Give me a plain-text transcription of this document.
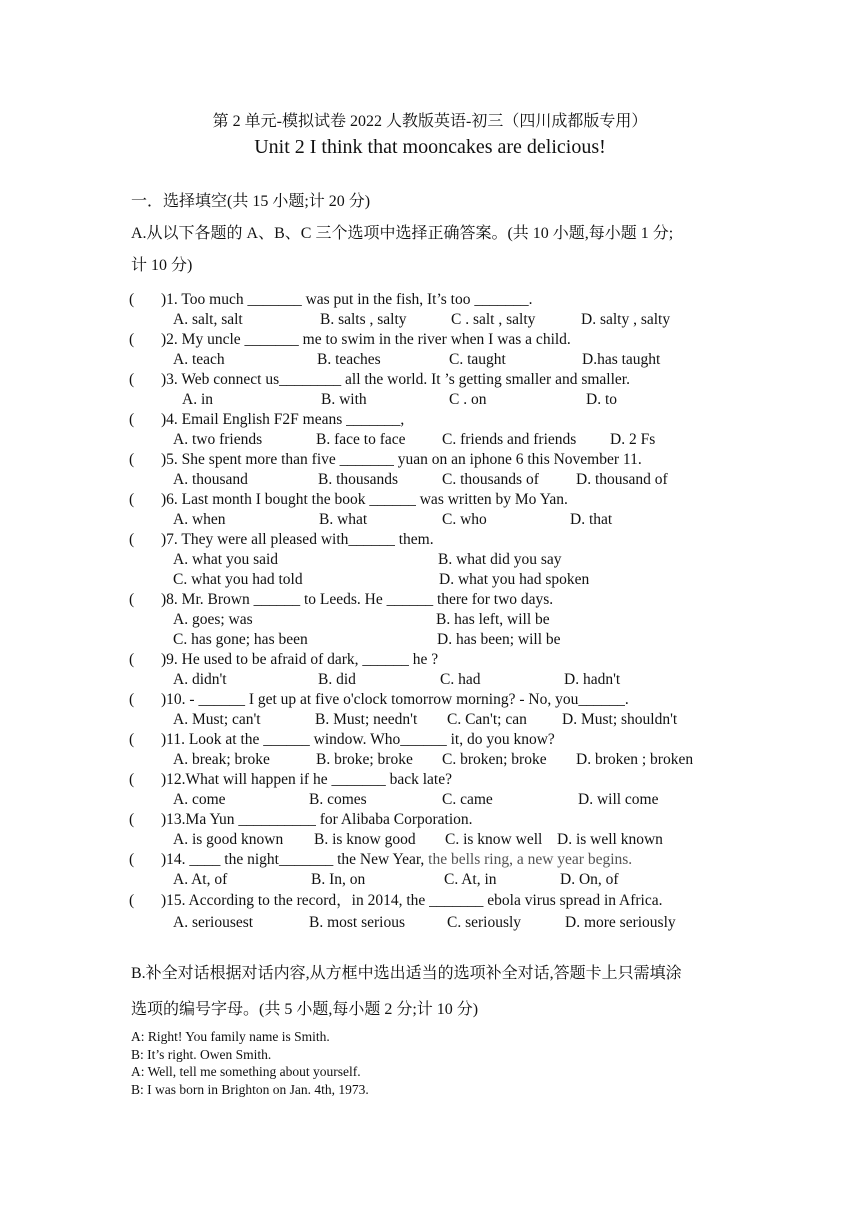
第 2 单元-模拟试卷 2022 人教版英语-初三（四川成都版专用）
Unit 2 I think that mooncakes are delicious!
一．选择填空(共 15 小题;计 20 分)
A.从以下各题的 A、B、C 三个选项中选择正确答案。(共 10 小题,每小题 1 分;
计 10 分)
( )1. Too much _______ was put in the fish, It’s too _______.
A. salt, salt	B. salts , salty	C . salt , salty	D. salty , salty
( )2. My uncle _______ me to swim in the river when I was a child.
A. teach	B. teaches	C. taught	D.has taught
( )3. Web connect us________ all the world. It ’s getting smaller and smaller.
A. in	B. with	C . on	D. to
( )4. Email English F2F means _______,
A. two friends	B. face to face C. friends and friends D. 2 Fs
( )5. She spent more than five _______ yuan on an iphone 6 this November 11.
A. thousand	B. thousands	C. thousands of D. thousand of
( )6. Last month I bought the book ______ was written by Mo Yan.
A. when	B. what	C. who	D. that
( )7. They were all pleased with______ them.
A. what you said	B. what did you say
C. what you had told	D. what you had spoken
( )8. Mr. Brown ______ to Leeds. He ______ there for two days.
A. goes; was	B. has left, will be
C. has gone; has been	D. has been; will be
( )9. He used to be afraid of dark, ______ he ?
A. didn't	B. did	C. had	D. hadn't
( )10. - ______ I get up at five o'clock tomorrow morning? - No, you______.
A. Must; can't	B. Must; needn't C. Can't; can D. Must; shouldn't
( )11. Look at the ______ window. Who______ it, do you know?
A. break; broke	B. broke; broke C. broken; broke D. broken ; broken
( )12.What will happen if he _______ back late?
A. come	B. comes	C. came	D. will come
( )13.Ma Yun __________ for Alibaba Corporation.
A. is good known B. is know good C. is know well D. is well known
( )14. ____ the night_______ the New Year, the bells ring, a new year begins.
A. At, of	B. In, on	C. At, in	D. On, of
( )15. According to the record，in 2014, the _______ ebola virus spread in Africa.
A. seriousest	B. most serious	C. seriously	D. more seriously
B.补全对话根据对话内容,从方框中选出适当的选项补全对话,答题卡上只需填涂
选项的编号字母。(共 5 小题,每小题 2 分;计 10 分)
A: Right! You family name is Smith.
B: It’s right. Owen Smith.
A: Well, tell me something about yourself.
B: I was born in Brighton on Jan. 4th, 1973.
